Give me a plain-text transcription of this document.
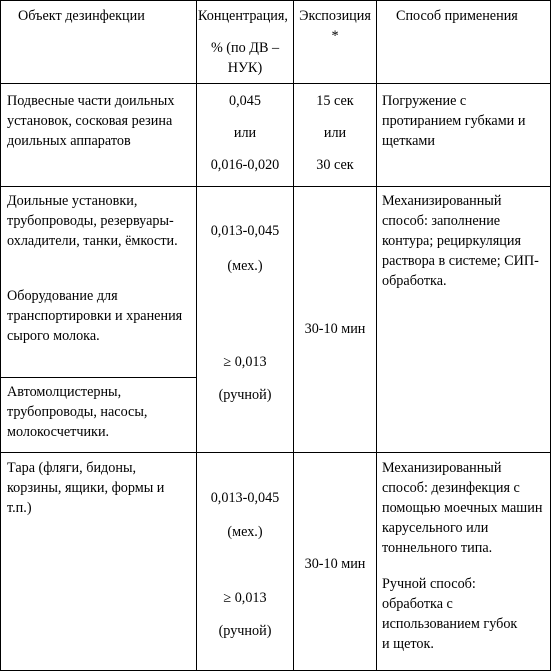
Объект дезинфекции	Концентрация,
% (по ДВ –
НУК)
Экспозиция
*
Способ применения
Подвесные части доильных установок, сосковая резина доильных аппаратов
0,045
или
0,016-0,020
15 сек
или
30 сек
Погружение с протиранием губками и щетками
Доильные установки, трубопроводы, резервуары-охладители, танки, ёмкости.
Оборудование для транспортировки и хранения сырого молока.
Автомолцистерны, трубопроводы, насосы, молокосчетчики.
0,013-0,045
(мех.)
≥ 0,013
(ручной)
30-10 мин
Механизированный способ: заполнение контура; рециркуляция раствора в системе; СИП-обработка.
Тара (фляги, бидоны, корзины, ящики, формы и т.п.)
0,013-0,045
(мех.)
≥ 0,013
(ручной)
30-10 мин
Механизированный способ: дезинфекция с помощью моечных машин карусельного или тоннельного типа.
Ручной способ: обработка с использованием губок и щеток.
